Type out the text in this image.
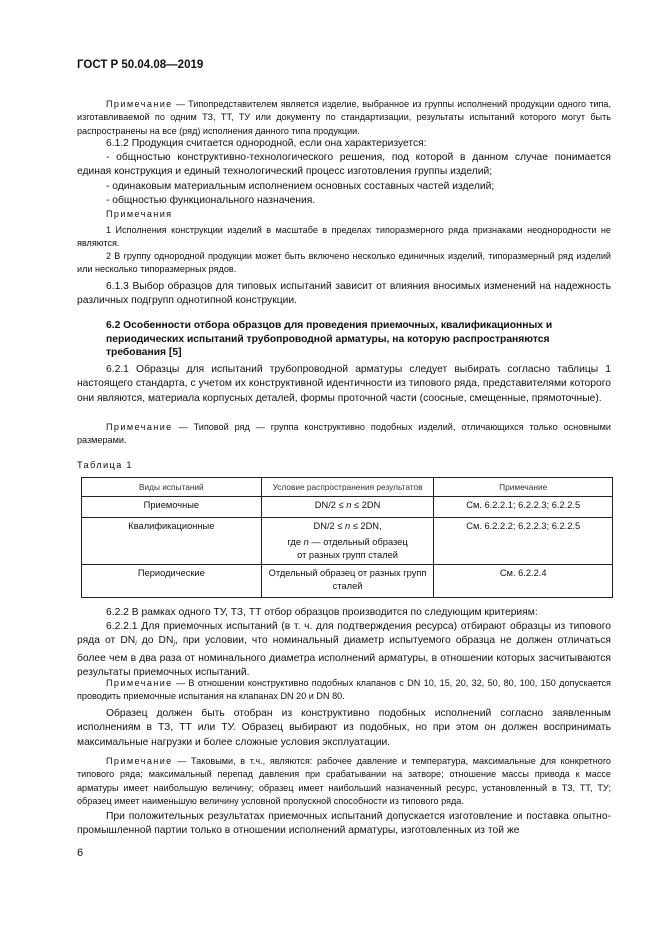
ГОСТ Р 50.04.08—2019
Примечание — Типопредставителем является изделие, выбранное из группы исполнений продукции одного типа, изготавливаемой по одним ТЗ, ТТ, ТУ или документу по стандартизации, результаты испытаний которого могут быть распространены на все (ряд) исполнения данного типа продукции.
6.1.2 Продукция считается однородной, если она характеризуется:
- общностью конструктивно-технологического решения, под которой в данном случае понимается единая конструкция и единый технологический процесс изготовления группы изделий;
- одинаковым материальным исполнением основных составных частей изделий;
- общностью функционального назначения.
Примечания
1 Исполнения конструкции изделий в масштабе в пределах типоразмерного ряда признаками неоднородности не являются.
2 В группу однородной продукции может быть включено несколько единичных изделий, типоразмерный ряд изделий или несколько типоразмерных рядов.
6.1.3 Выбор образцов для типовых испытаний зависит от влияния вносимых изменений на надежность различных подгрупп однотипной конструкции.
6.2 Особенности отбора образцов для проведения приемочных, квалификационных и периодических испытаний трубопроводной арматуры, на которую распространяются требования [5]
6.2.1 Образцы для испытаний трубопроводной арматуры следует выбирать согласно таблицы 1 настоящего стандарта, с учетом их конструктивной идентичности из типового ряда, представителями которого они являются, материала корпусных деталей, формы проточной части (соосные, смещенные, прямоточные).
Примечание — Типовой ряд — группа конструктивно подобных изделий, отличающихся только основными размерами.
Таблица 1
Виды испытаний	Условие распространения результатов	Примечание
Приемочные	DN/2 ≤ n ≤ 2DN	См. 6.2.2.1; 6.2.2.3; 6.2.2.5
Квалификационные	DN/2 ≤ n ≤ 2DN,
где n — отдельный образец
от разных групп сталей	См. 6.2.2.2; 6.2.2.3; 6.2.2.5
Периодические	Отдельный образец от разных групп сталей	См. 6.2.2.4
6.2.2 В рамках одного ТУ, ТЗ, ТТ отбор образцов производится по следующим критериям:
6.2.2.1 Для приемочных испытаний (в т. ч. для подтверждения ресурса) отбирают образцы из типового ряда от $DN_i$ до $DN_j$, при условии, что номинальный диаметр испытуемого образца не должен отличаться более чем в два раза от номинального диаметра исполнений арматуры, в отношении которых засчитываются результаты приемочных испытаний.
Примечание — В отношении конструктивно подобных клапанов с DN 10, 15, 20, 32, 50, 80, 100, 150 допускается проводить приемочные испытания на клапанах DN 20 и DN 80.
Образец должен быть отобран из конструктивно подобных исполнений согласно заявленным исполнениям в ТЗ, ТТ или ТУ. Образец выбирают из подобных, но при этом он должен воспринимать максимальные нагрузки и более сложные условия эксплуатации.
Примечание — Таковыми, в т.ч., являются: рабочее давление и температура, максимальные для конкретного типового ряда; максимальный перепад давления при срабатывании на затворе; отношение массы привода к массе арматуры имеет наибольшую величину; образец имеет наибольший назначенный ресурс, установленный в ТЗ, ТТ, ТУ; образец имеет наименьшую величину условной пропускной способности из типового ряда.
При положительных результатах приемочных испытаний допускается изготовление и поставка опытно-промышленной партии только в отношении исполнений арматуры, изготовленных из той же
6
